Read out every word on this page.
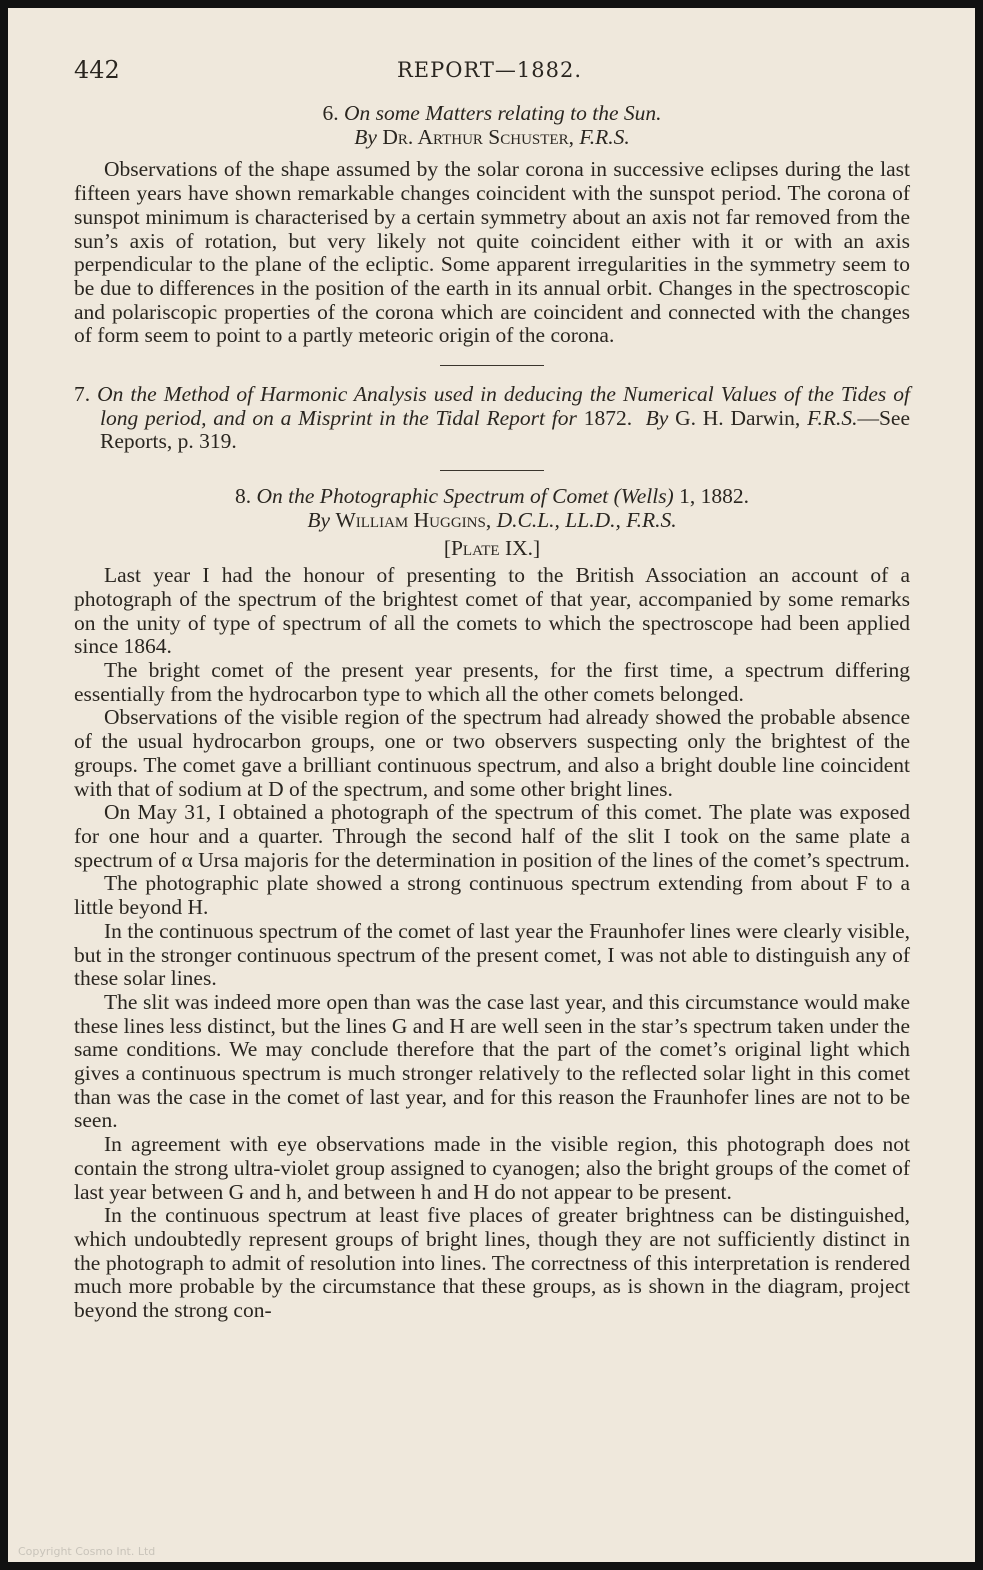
442	REPORT—1882.
6. On some Matters relating to the Sun.
By Dr. Arthur Schuster, F.R.S.

Observations of the shape assumed by the solar corona in successive eclipses during the last fifteen years have shown remarkable changes coincident with the sunspot period. The corona of sunspot minimum is characterised by a certain symmetry about an axis not far removed from the sun’s axis of rotation, but very likely not quite coincident either with it or with an axis perpendicular to the plane of the ecliptic. Some apparent irregularities in the symmetry seem to be due to differences in the position of the earth in its annual orbit. Changes in the spectroscopic and polariscopic properties of the corona which are coincident and connected with the changes of form seem to point to a partly meteoric origin of the corona.

7. On the Method of Harmonic Analysis used in deducing the Numerical Values of the Tides of long period, and on a Misprint in the Tidal Report for 1872. By G. H. Darwin, F.R.S.—See Reports, p. 319.
8. On the Photographic Spectrum of Comet (Wells) 1, 1882.
By William Huggins, D.C.L., LL.D., F.R.S.
[Plate IX.]

Last year I had the honour of presenting to the British Association an account of a photograph of the spectrum of the brightest comet of that year, accompanied by some remarks on the unity of type of spectrum of all the comets to which the spectroscope had been applied since 1864.

The bright comet of the present year presents, for the first time, a spectrum differing essentially from the hydrocarbon type to which all the other comets belonged.

Observations of the visible region of the spectrum had already showed the probable absence of the usual hydrocarbon groups, one or two observers suspecting only the brightest of the groups. The comet gave a brilliant continuous spectrum, and also a bright double line coincident with that of sodium at D of the spectrum, and some other bright lines.

On May 31, I obtained a photograph of the spectrum of this comet. The plate was exposed for one hour and a quarter. Through the second half of the slit I took on the same plate a spectrum of α Ursa majoris for the determination in position of the lines of the comet’s spectrum.

The photographic plate showed a strong continuous spectrum extending from about F to a little beyond H.

In the continuous spectrum of the comet of last year the Fraunhofer lines were clearly visible, but in the stronger continuous spectrum of the present comet, I was not able to distinguish any of these solar lines.

The slit was indeed more open than was the case last year, and this circumstance would make these lines less distinct, but the lines G and H are well seen in the star’s spectrum taken under the same conditions. We may conclude therefore that the part of the comet’s original light which gives a continuous spectrum is much stronger relatively to the reflected solar light in this comet than was the case in the comet of last year, and for this reason the Fraunhofer lines are not to be seen.

In agreement with eye observations made in the visible region, this photograph does not contain the strong ultra-violet group assigned to cyanogen; also the bright groups of the comet of last year between G and h, and between h and H do not appear to be present.

In the continuous spectrum at least five places of greater brightness can be distinguished, which undoubtedly represent groups of bright lines, though they are not sufficiently distinct in the photograph to admit of resolution into lines. The correctness of this interpretation is rendered much more probable by the circumstance that these groups, as is shown in the diagram, project beyond the strong con-

Copyright Cosmo Int. Ltd
